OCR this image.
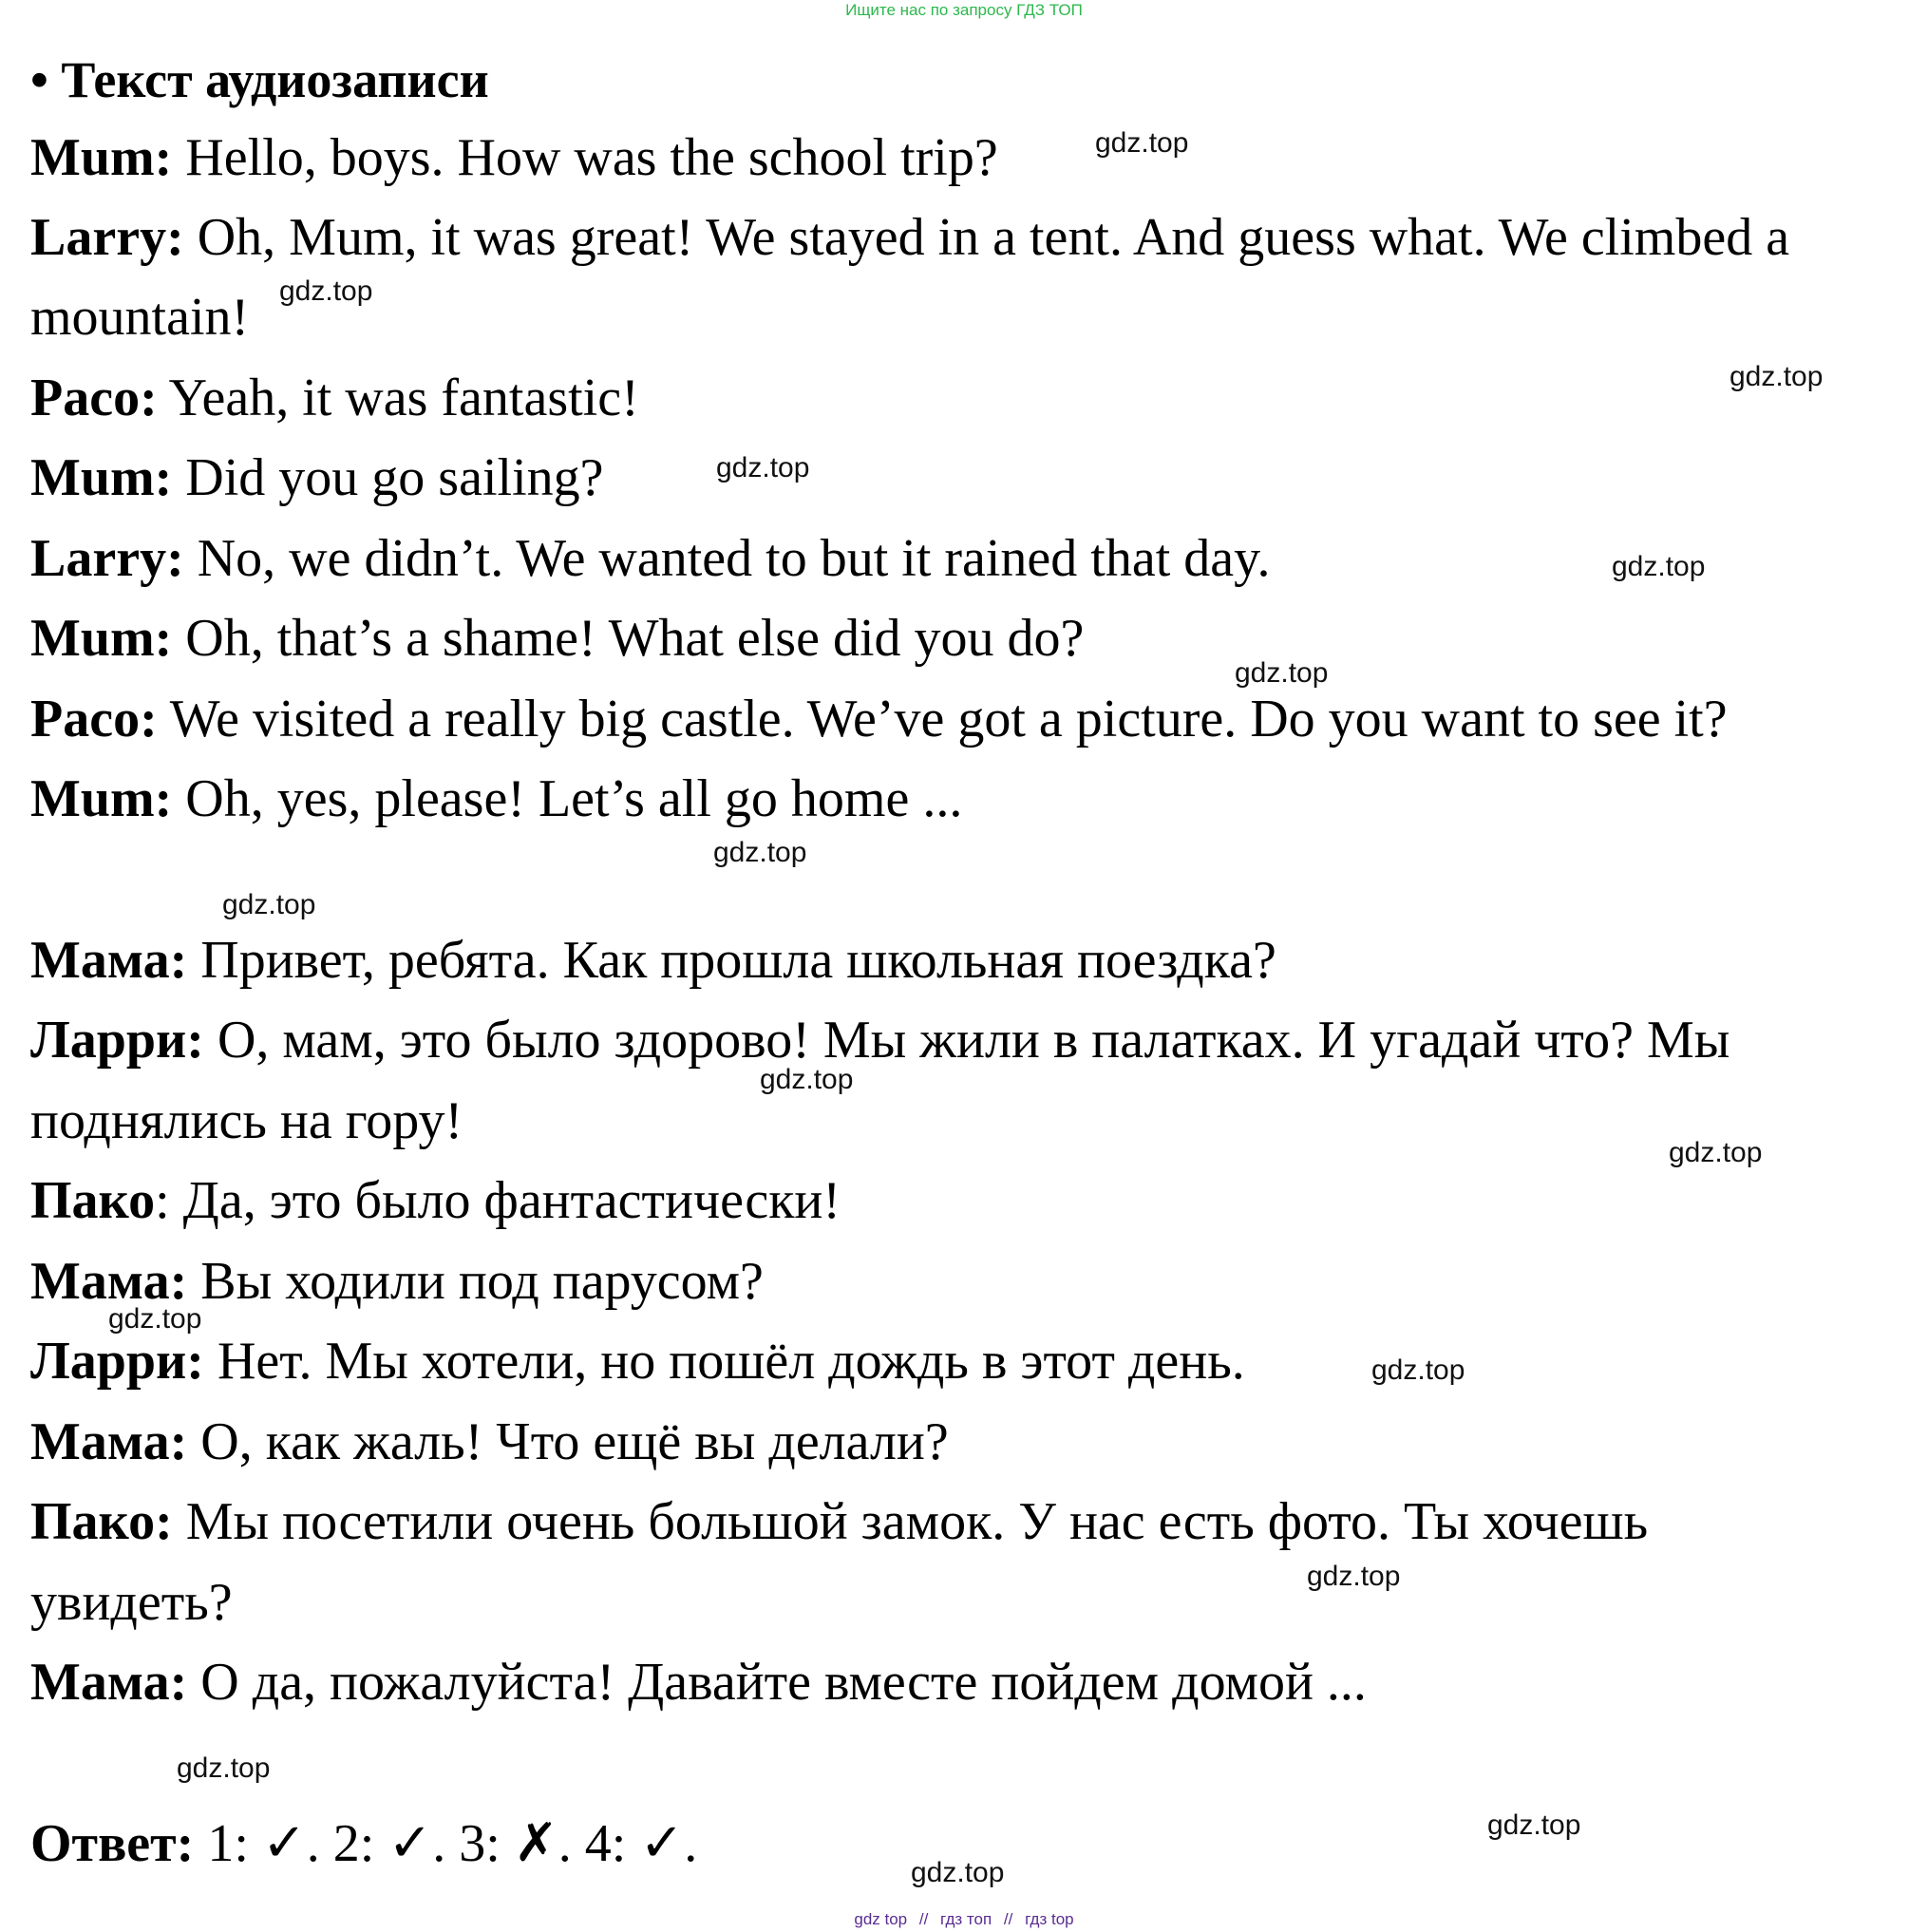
Ищите нас по запросу ГДЗ ТОП
• Текст аудиозаписи
Mum: Hello, boys. How was the school trip?
Larry: Oh, Mum, it was great! We stayed in a tent. And guess what. We climbed a
mountain!
Paco: Yeah, it was fantastic!
Mum: Did you go sailing?
Larry: No, we didn’t. We wanted to but it rained that day.
Mum: Oh, that’s a shame! What else did you do?
Paco: We visited a really big castle. We’ve got a picture. Do you want to see it?
Mum: Oh, yes, please! Let’s all go home ...
Мама: Привет, ребята. Как прошла школьная поездка?
Ларри: О, мам, это было здорово! Мы жили в палатках. И угадай что? Мы
поднялись на гору!
Пако: Да, это было фантастически!
Мама: Вы ходили под парусом?
Ларри: Нет. Мы хотели, но пошёл дождь в этот день.
Мама: О, как жаль! Что ещё вы делали?
Пако: Мы посетили очень большой замок. У нас есть фото. Ты хочешь
увидеть?
Мама: О да, пожалуйста! Давайте вместе пойдем домой ...
Ответ: 1: ✓. 2: ✓. 3: ✗. 4: ✓.
gdz.top
gdz.top
gdz.top
gdz.top
gdz.top
gdz.top
gdz.top
gdz.top
gdz.top
gdz.top
gdz.top
gdz.top
gdz.top
gdz.top
gdz.top
gdz.top
gdz top // гдз топ // гдз top
